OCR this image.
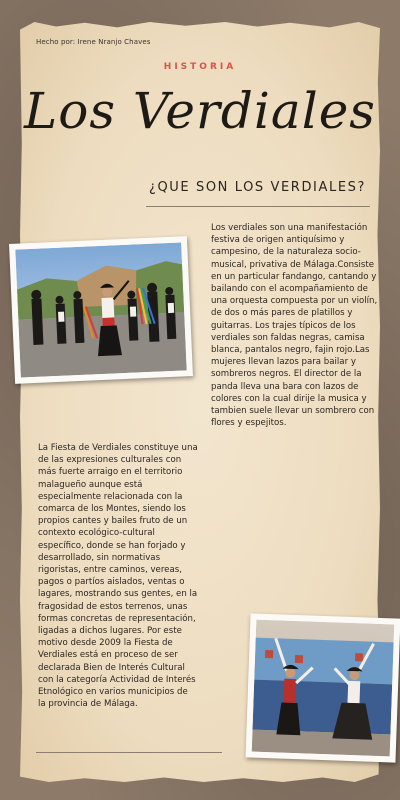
Hecho por: Irene Nranjo Chaves
HISTORIA
Los Verdiales
¿QUE SON LOS VERDIALES?

Los verdiales son una manifestación festiva de origen antiquísimo y campesino, de la naturaleza socio-musical, privativa de Málaga.Consiste en un particular fandango, cantando y bailando con el acompañamiento de una orquesta compuesta por un violín, de dos o más pares de platillos y guitarras. Los trajes típicos de los verdiales son faldas negras, camisa blanca, pantalos negro, fajin rojo.Las mujeres llevan lazos para bailar y sombreros negros. El director de la panda lleva una bara con lazos de colores con la cual dirije la musica y tambien suele llevar un sombrero con flores y espejitos.

La Fiesta de Verdiales constituye una de las expresiones culturales con más fuerte arraigo en el territorio malagueño aunque está especialmente relacionada con la comarca de los Montes, siendo los propios cantes y bailes fruto de un contexto ecológico-cultural específico, donde se han forjado y desarrollado, sin normativas rigoristas, entre caminos, vereas, pagos o partíos aislados, ventas o lagares, mostrando sus gentes, en la fragosidad de estos terrenos, unas formas concretas de representación, ligadas a dichos lugares. Por este motivo desde 2009 la Fiesta de Verdiales está en proceso de ser declarada Bien de Interés Cultural con la categoría Actividad de Interés Etnológico en varios municipios de la provincia de Málaga.
